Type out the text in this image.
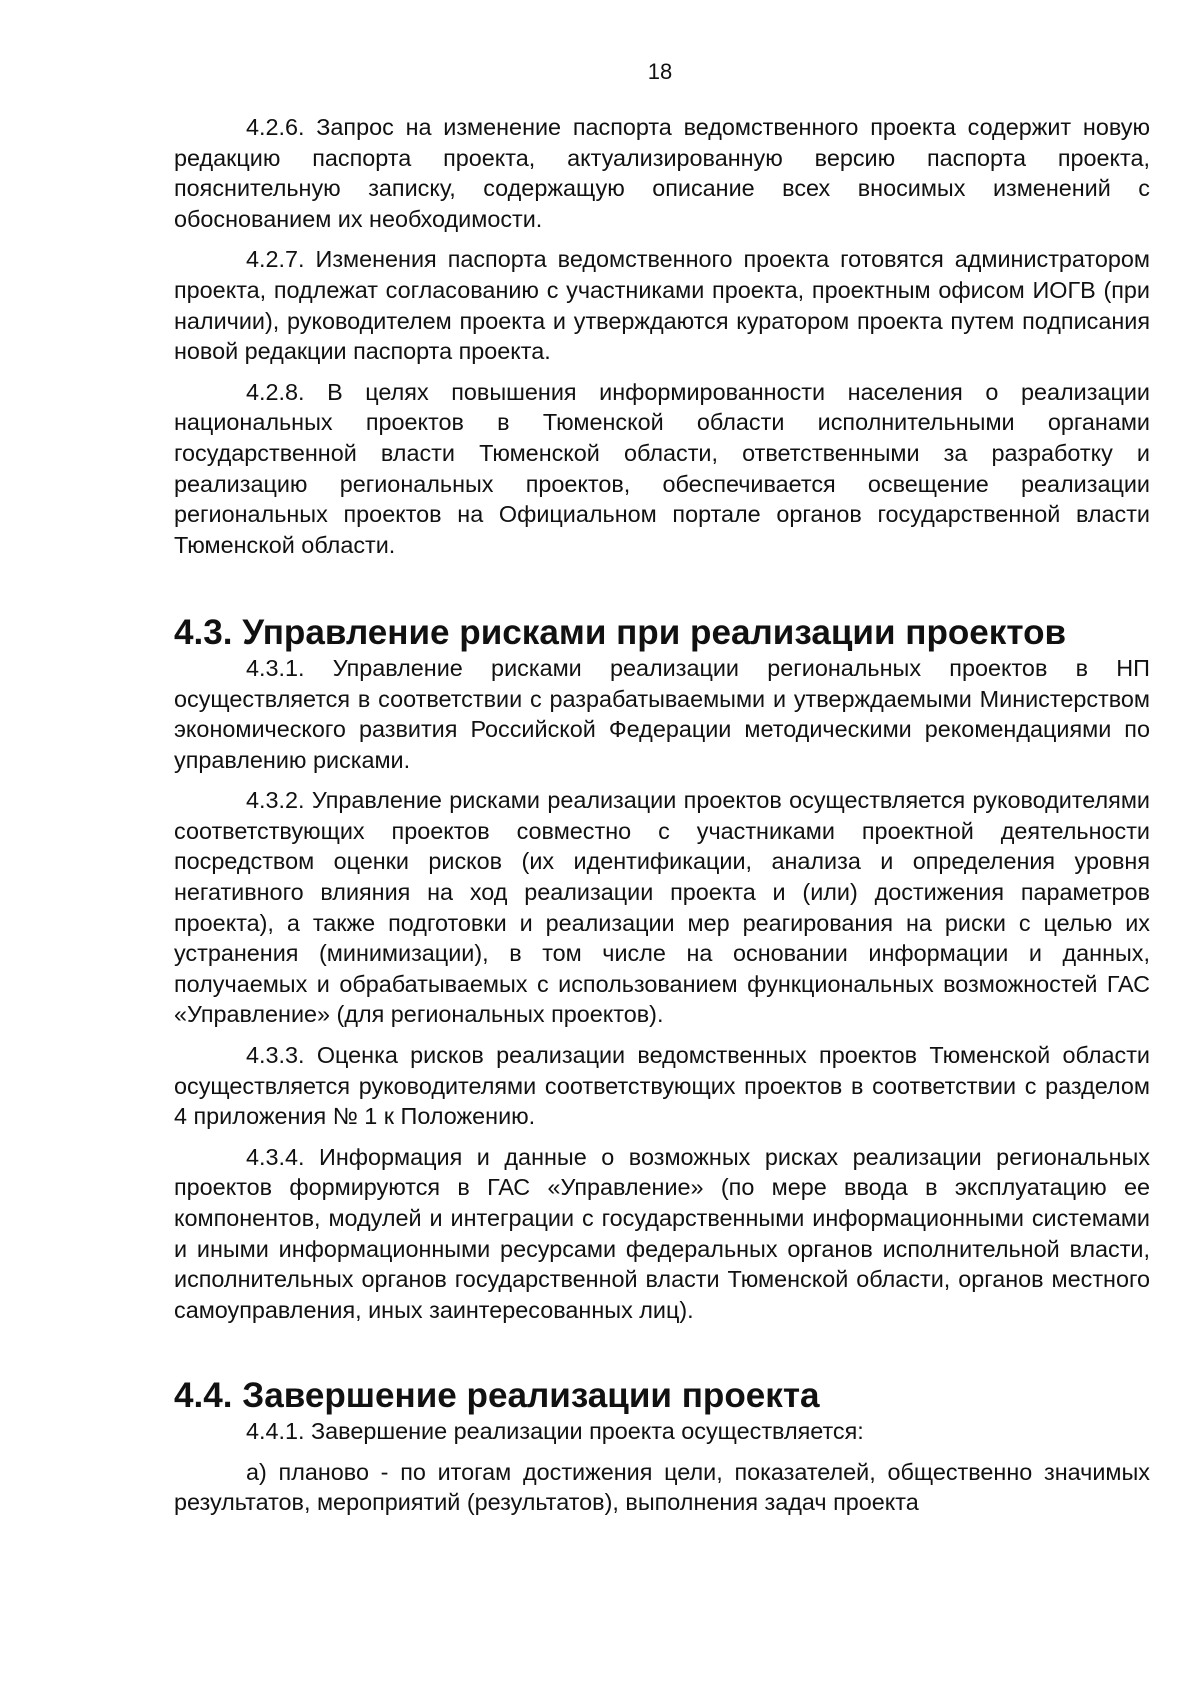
18

4.2.6. Запрос на изменение паспорта ведомственного проекта содержит новую редакцию паспорта проекта, актуализированную версию паспорта проекта, пояснительную записку, содержащую описание всех вносимых изменений с обоснованием их необходимости.

4.2.7. Изменения паспорта ведомственного проекта готовятся администратором проекта, подлежат согласованию с участниками проекта, проектным офисом ИОГВ (при наличии), руководителем проекта и утверждаются куратором проекта путем подписания новой редакции паспорта проекта.

4.2.8. В целях повышения информированности населения о реализации национальных проектов в Тюменской области исполнительными органами государственной власти Тюменской области, ответственными за разработку и реализацию региональных проектов, обеспечивается освещение реализации региональных проектов на Официальном портале органов государственной власти Тюменской области.

4.3. Управление рисками при реализации проектов

4.3.1. Управление рисками реализации региональных проектов в НП осуществляется в соответствии с разрабатываемыми и утверждаемыми Министерством экономического развития Российской Федерации методическими рекомендациями по управлению рисками.

4.3.2. Управление рисками реализации проектов осуществляется руководителями соответствующих проектов совместно с участниками проектной деятельности посредством оценки рисков (их идентификации, анализа и определения уровня негативного влияния на ход реализации проекта и (или) достижения параметров проекта), а также подготовки и реализации мер реагирования на риски с целью их устранения (минимизации), в том числе на основании информации и данных, получаемых и обрабатываемых с использованием функциональных возможностей ГАС «Управление» (для региональных проектов).

4.3.3. Оценка рисков реализации ведомственных проектов Тюменской области осуществляется руководителями соответствующих проектов в соответствии с разделом 4 приложения № 1 к Положению.

4.3.4. Информация и данные о возможных рисках реализации региональных проектов формируются в ГАС «Управление» (по мере ввода в эксплуатацию ее компонентов, модулей и интеграции с государственными информационными системами и иными информационными ресурсами федеральных органов исполнительной власти, исполнительных органов государственной власти Тюменской области, органов местного самоуправления, иных заинтересованных лиц).

4.4. Завершение реализации проекта

4.4.1. Завершение реализации проекта осуществляется:

а) планово - по итогам достижения цели, показателей, общественно значимых результатов, мероприятий (результатов), выполнения задач проекта
